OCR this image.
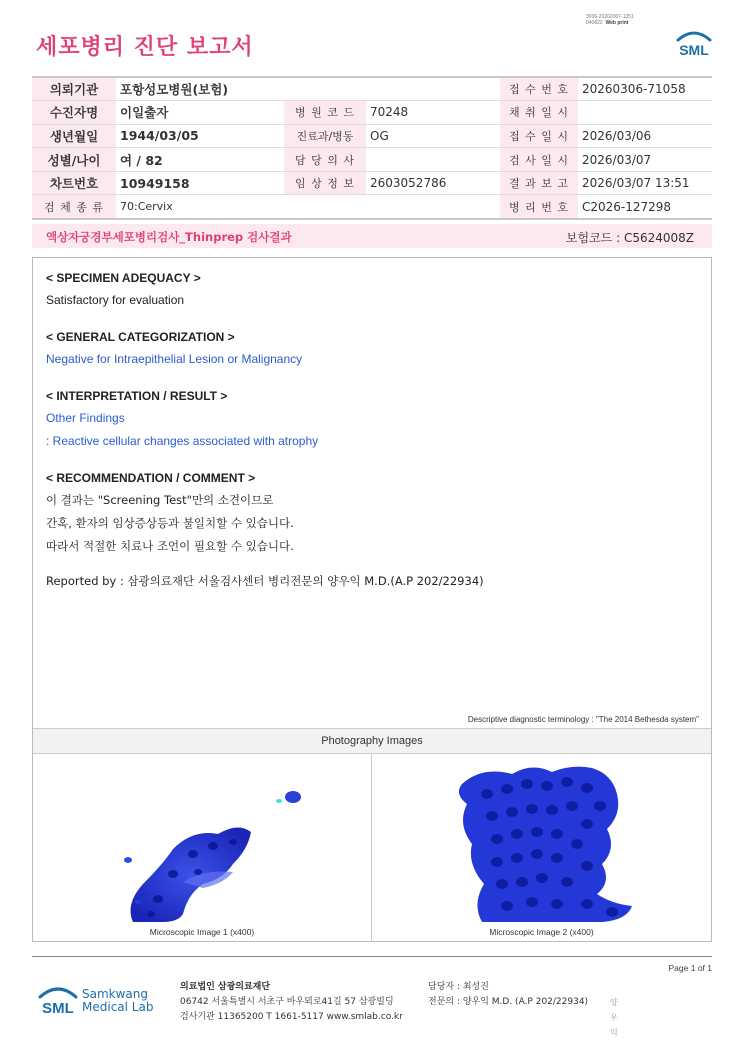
3036-20260307-1351
040822 Web print
세포병리 진단 보고서	SML
의뢰기관	포항성모병원(보험)			접 수 번 호	20260306-71058
수진자명	이일출자	병 원 코 드	70248	채 취 일 시	
생년월일	1944/03/05	진료과/병동	OG	접 수 일 시	2026/03/06
성별/나이	여 / 82	담 당 의 사		검 사 일 시	2026/03/07
차트번호	10949158	임 상 정 보	2603052786	결 과 보 고	2026/03/07 13:51
검 체 종 류	70:Cervix			병 리 번 호	C2026-127298
액상자궁경부세포병리검사_Thinprep 검사결과	보험코드 : C5624008Z
< SPECIMEN ADEQUACY >
Satisfactory for evaluation
< GENERAL CATEGORIZATION >
Negative for Intraepithelial Lesion or Malignancy
< INTERPRETATION / RESULT >
Other Findings
: Reactive cellular changes associated with atrophy
< RECOMMENDATION / COMMENT >
이 결과는 "Screening Test"만의 소견이므로
간혹, 환자의 임상증상등과 불일치할 수 있습니다.
따라서 적절한 치료나 조언이 필요할 수 있습니다.
Reported by : 삼광의료재단 서울검사센터 병리전문의 양우익 M.D.(A.P 202/22934)
Descriptive diagnostic terminology : "The 2014 Bethesda system"
Photography Images
Microscopic Image 1 (x400)	Microscopic Image 2 (x400)
Page 1 of 1
SML
Samkwang
Medical Lab
의료법인 삼광의료재단
06742 서울특별시 서초구 바우뫼로41길 57 삼광빌딩
검사기관 11365200 T 1661-5117 www.smlab.co.kr
담당자 : 최성진
전문의 : 양우익 M.D. (A.P 202/22934)	양우익
